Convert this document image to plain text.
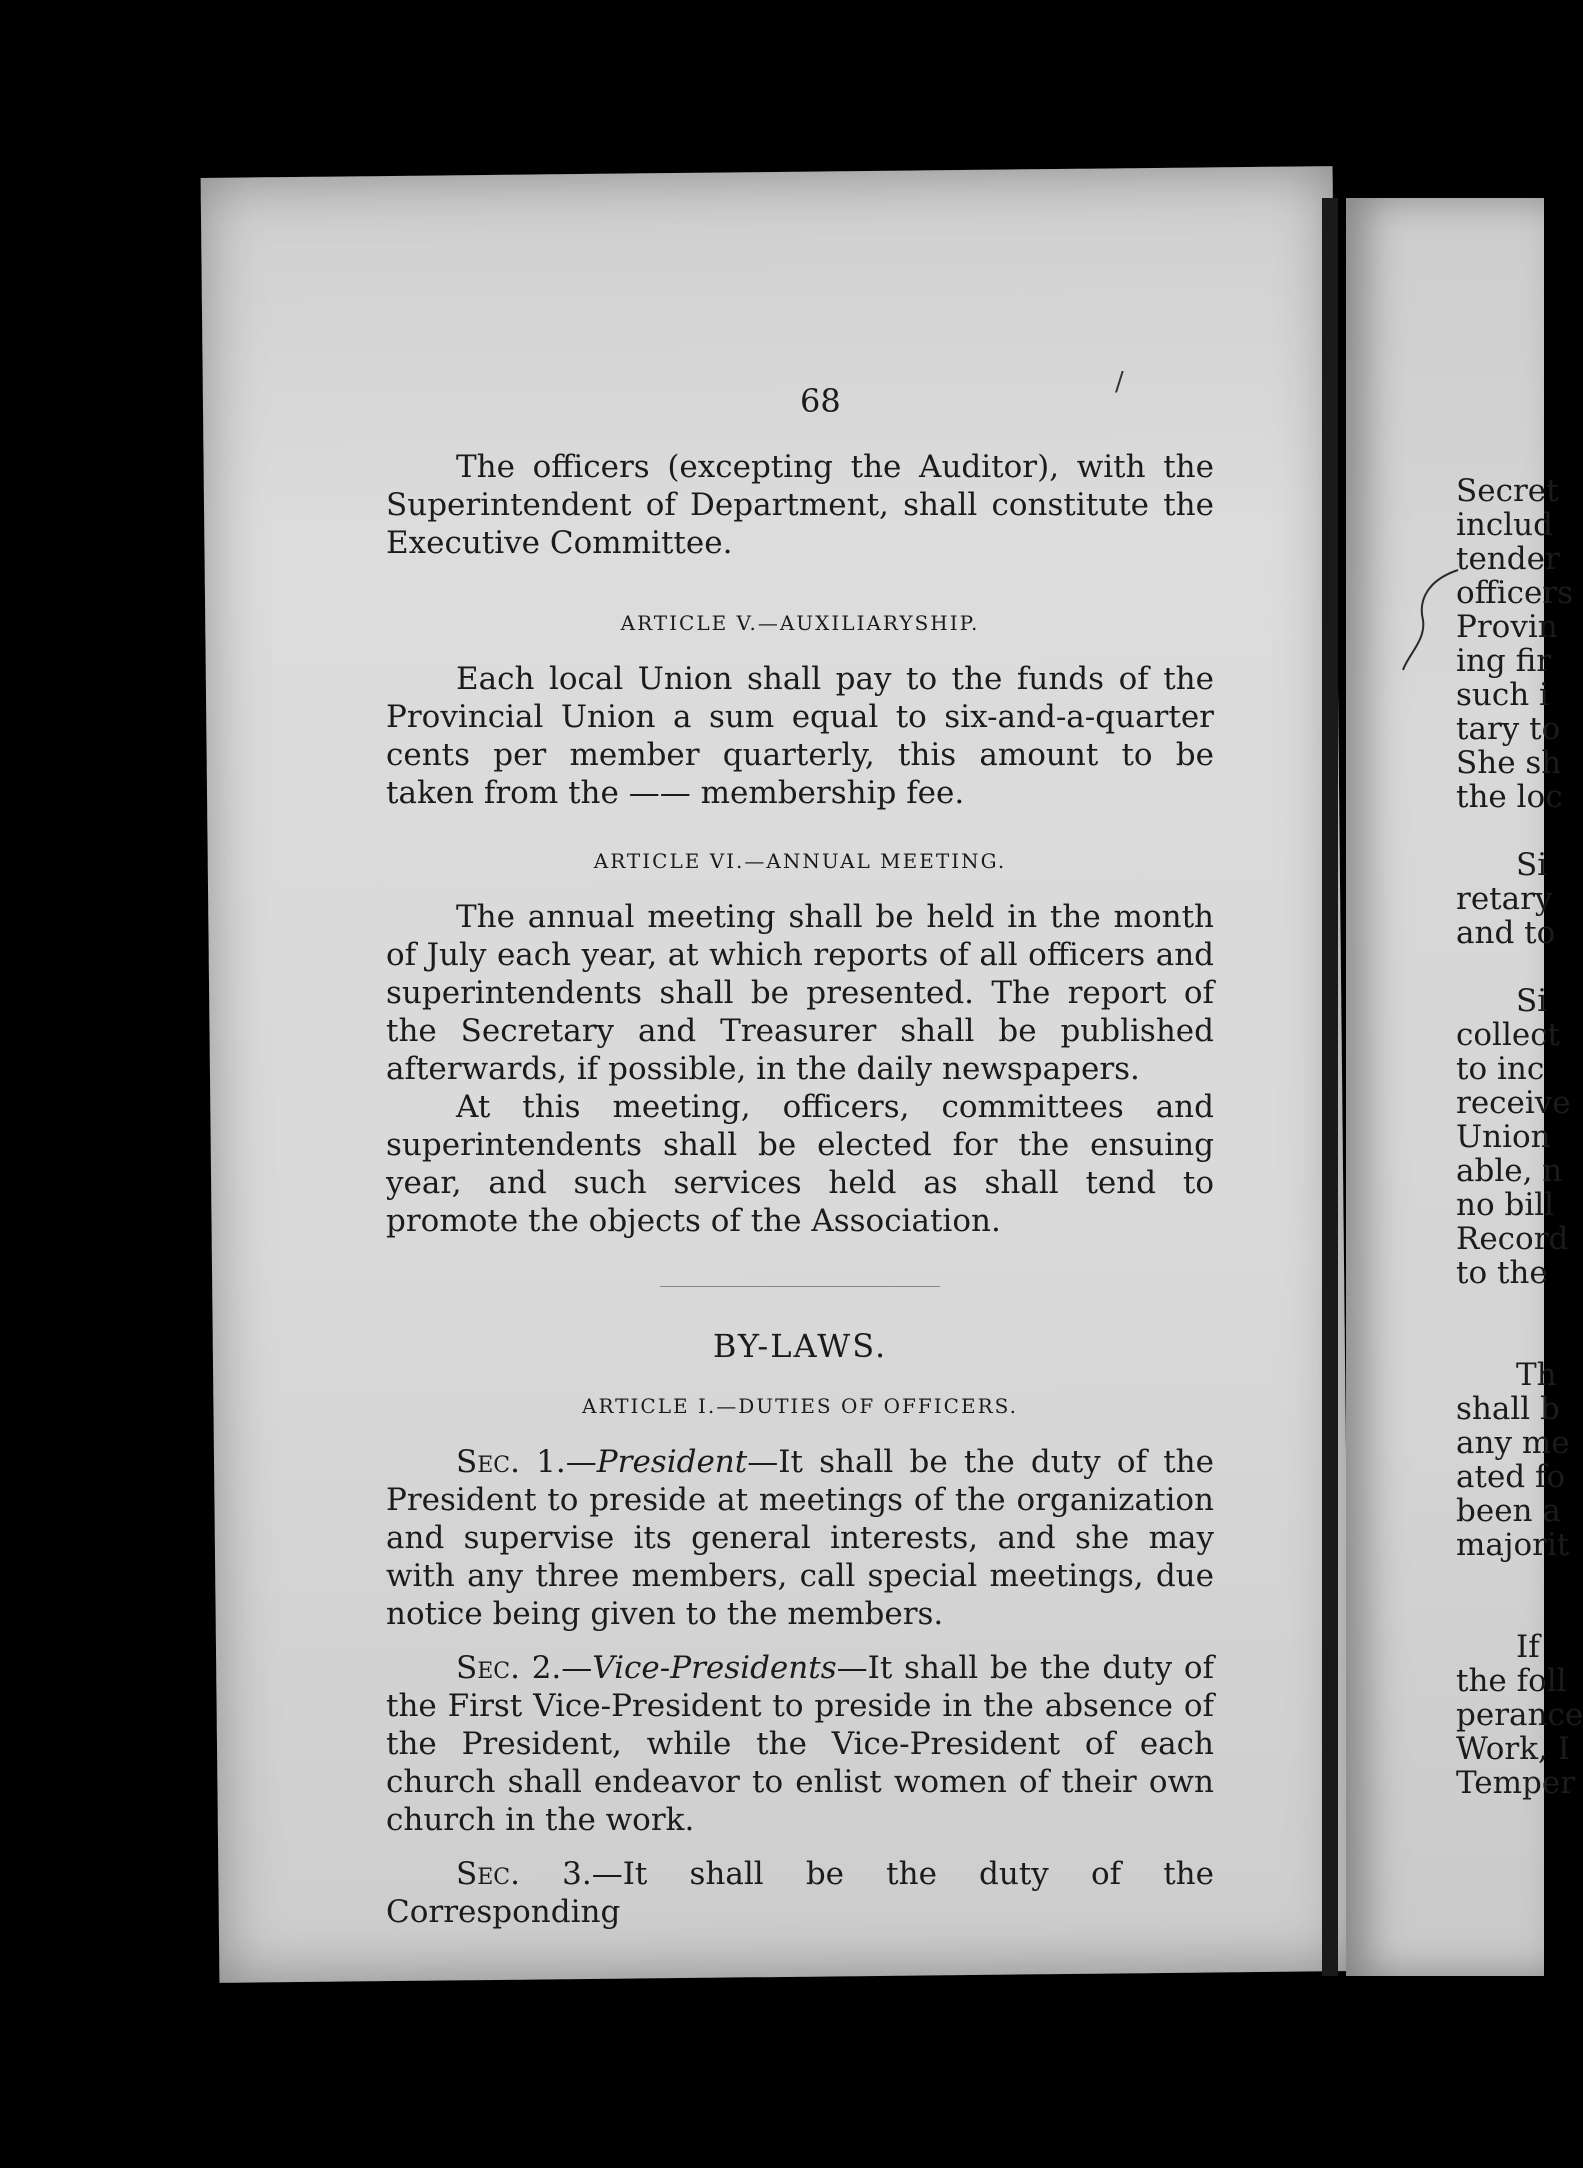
Secret
includ
tender
officers
Provin
ing fir
such i
tary to
She sh
the loc
Si
retary
and to
Si
collect
to inc
receive
Union
able, n
no bill
Record
to the
Th
shall b
any me
ated fo
been a
majorit
If
the foll
perance
Work, I
Temper
68	/

The officers (excepting the Auditor), with the Superintendent of Department, shall constitute the Executive Committee.

ARTICLE V.—AUXILIARYSHIP.

Each local Union shall pay to the funds of the Provincial Union a sum equal to six-and-a-quarter cents per member quarterly, this amount to be taken from the —— membership fee.

ARTICLE VI.—ANNUAL MEETING.

The annual meeting shall be held in the month of July each year, at which reports of all officers and superintendents shall be presented. The report of the Secretary and Treasurer shall be published afterwards, if possible, in the daily newspapers.

At this meeting, officers, committees and superintendents shall be elected for the ensuing year, and such services held as shall tend to promote the objects of the Association.

BY-LAWS.
ARTICLE I.—DUTIES OF OFFICERS.

Sec. 1.—President—It shall be the duty of the President to preside at meetings of the organization and supervise its general interests, and she may with any three members, call special meetings, due notice being given to the members.

Sec. 2.—Vice-Presidents—It shall be the duty of the First Vice-President to preside in the absence of the President, while the Vice-President of each church shall endeavor to enlist women of their own church in the work.

Sec. 3.—It shall be the duty of the Corresponding
